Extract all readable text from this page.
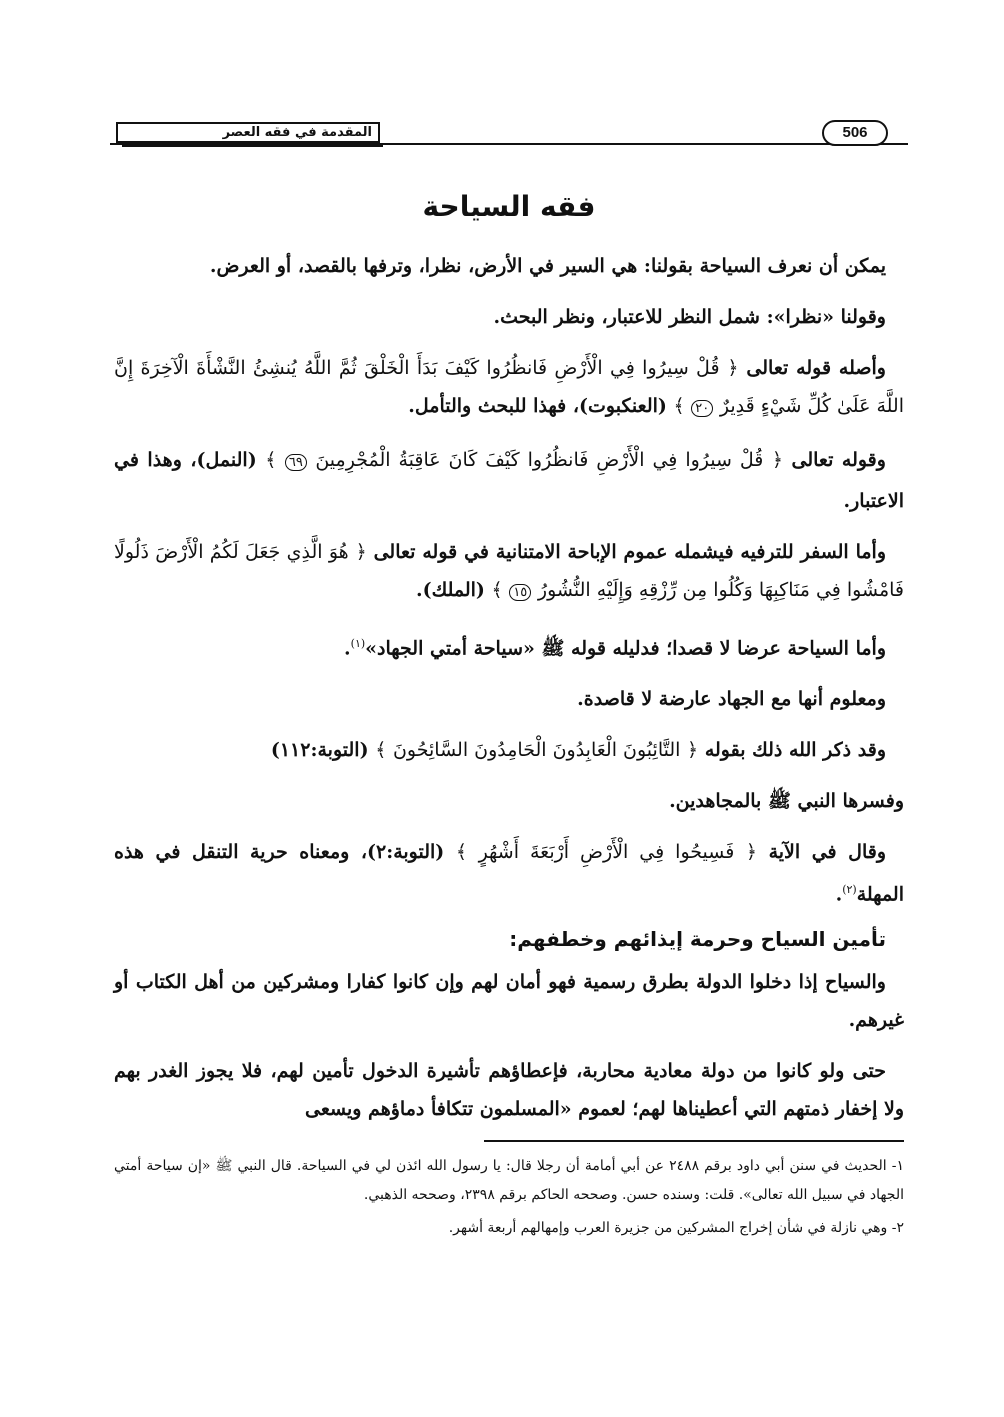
المقدمة في فقه العصر	506
فقه السياحة

يمكن أن نعرف السياحة بقولنا: هي السير في الأرض، نظرا، وترفها بالقصد، أو العرض.

وقولنا «نظرا»: شمل النظر للاعتبار، ونظر البحث.

وأصله قوله تعالى ﴿ قُلْ سِيرُوا فِي الْأَرْضِ فَانظُرُوا كَيْفَ بَدَأَ الْخَلْقَ ثُمَّ اللَّهُ يُنشِئُ النَّشْأَةَ الْآخِرَةَ إِنَّ اللَّهَ عَلَىٰ كُلِّ شَيْءٍ قَدِيرٌ ٢٠ ﴾ (العنكبوت)، فهذا للبحث والتأمل.

وقوله تعالى ﴿ قُلْ سِيرُوا فِي الْأَرْضِ فَانظُرُوا كَيْفَ كَانَ عَاقِبَةُ الْمُجْرِمِينَ ٦٩ ﴾ (النمل)، وهذا في الاعتبار.

وأما السفر للترفيه فيشمله عموم الإباحة الامتنانية في قوله تعالى ﴿ هُوَ الَّذِي جَعَلَ لَكُمُ الْأَرْضَ ذَلُولًا فَامْشُوا فِي مَنَاكِبِهَا وَكُلُوا مِن رِّزْقِهِ وَإِلَيْهِ النُّشُورُ ١٥ ﴾ (الملك).

وأما السياحة عرضا لا قصدا؛ فدليله قوله ﷺ «سياحة أمتي الجهاد»$^{(١)}$.

ومعلوم أنها مع الجهاد عارضة لا قاصدة.

وقد ذكر الله ذلك بقوله ﴿ التَّائِبُونَ الْعَابِدُونَ الْحَامِدُونَ السَّائِحُونَ ﴾ (التوبة:١١٢)

وفسرها النبي ﷺ بالمجاهدين.

وقال في الآية ﴿ فَسِيحُوا فِي الْأَرْضِ أَرْبَعَةَ أَشْهُرٍ ﴾ (التوبة:٢)، ومعناه حرية التنقل في هذه المهلة$^{(٢)}$.

تأمين السياح وحرمة إيذائهم وخطفهم:

والسياح إذا دخلوا الدولة بطرق رسمية فهو أمان لهم وإن كانوا كفارا ومشركين من أهل الكتاب أو غيرهم.

حتى ولو كانوا من دولة معادية محاربة، فإعطاؤهم تأشيرة الدخول تأمين لهم، فلا يجوز الغدر بهم ولا إخفار ذمتهم التي أعطيناها لهم؛ لعموم «المسلمون تتكافأ دماؤهم ويسعى

١- الحديث في سنن أبي داود برقم ٢٤٨٨ عن أبي أمامة أن رجلا قال: يا رسول الله ائذن لي في السياحة. قال النبي ﷺ «إن سياحة أمتي الجهاد في سبيل الله تعالى». قلت: وسنده حسن. وصححه الحاكم برقم ٢٣٩٨، وصححه الذهبي.

٢- وهي نازلة في شأن إخراج المشركين من جزيرة العرب وإمهالهم أربعة أشهر.
